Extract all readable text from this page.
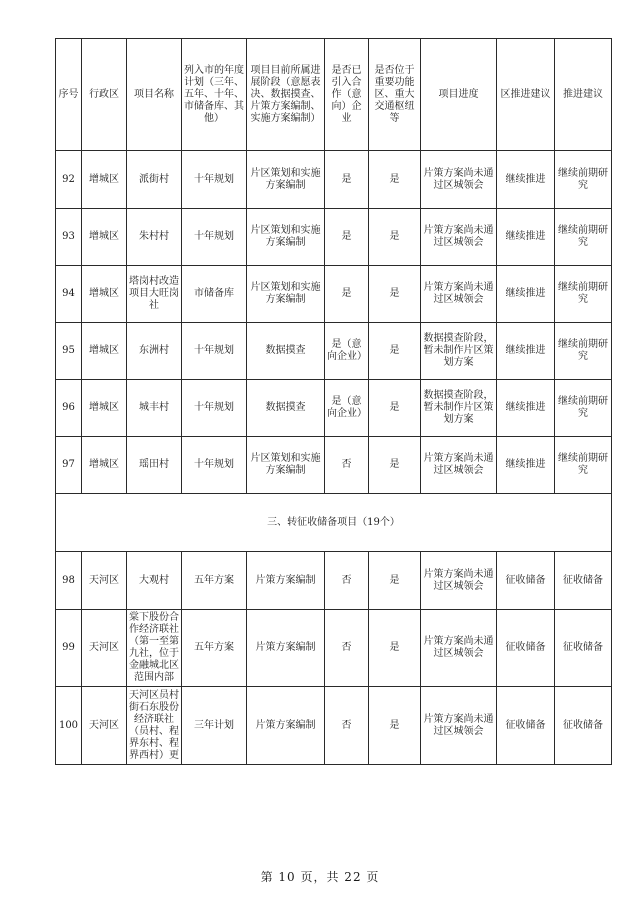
序号	行政区	项目名称	列入市的年度计划（三年、五年、十年、市储备库、其他）	项目目前所属进展阶段（意愿表决、数据摸查、片策方案编制、实施方案编制）	是否已引入合作（意向）企业	是否位于重要功能区、重大交通枢纽等	项目进度	区推进建议	推进建议
92	增城区	派街村	十年规划	片区策划和实施方案编制	是	是	片策方案尚未通过区城领会	继续推进	继续前期研究
93	增城区	朱村村	十年规划	片区策划和实施方案编制	是	是	片策方案尚未通过区城领会	继续推进	继续前期研究
94	增城区	塔岗村改造项目大旺岗社	市储备库	片区策划和实施方案编制	是	是	片策方案尚未通过区城领会	继续推进	继续前期研究
95	增城区	东洲村	十年规划	数据摸查	是（意向企业）	是	数据摸查阶段，暂未制作片区策划方案	继续推进	继续前期研究
96	增城区	城丰村	十年规划	数据摸查	是（意向企业）	是	数据摸查阶段，暂未制作片区策划方案	继续推进	继续前期研究
97	增城区	瑶田村	十年规划	片区策划和实施方案编制	否	是	片策方案尚未通过区城领会	继续推进	继续前期研究
三、转征收储备项目（19个）									
98	天河区	大观村	五年方案	片策方案编制	否	是	片策方案尚未通过区城领会	征收储备	征收储备
99	天河区	棠下股份合作经济联社（第一至第九社，位于金融城北区范围内部	五年方案	片策方案编制	否	是	片策方案尚未通过区城领会	征收储备	征收储备
100	天河区	天河区员村街石东股份经济联社（员村、程界东村、程界西村）更	三年计划	片策方案编制	否	是	片策方案尚未通过区城领会	征收储备	征收储备
第 10 页，共 22 页
